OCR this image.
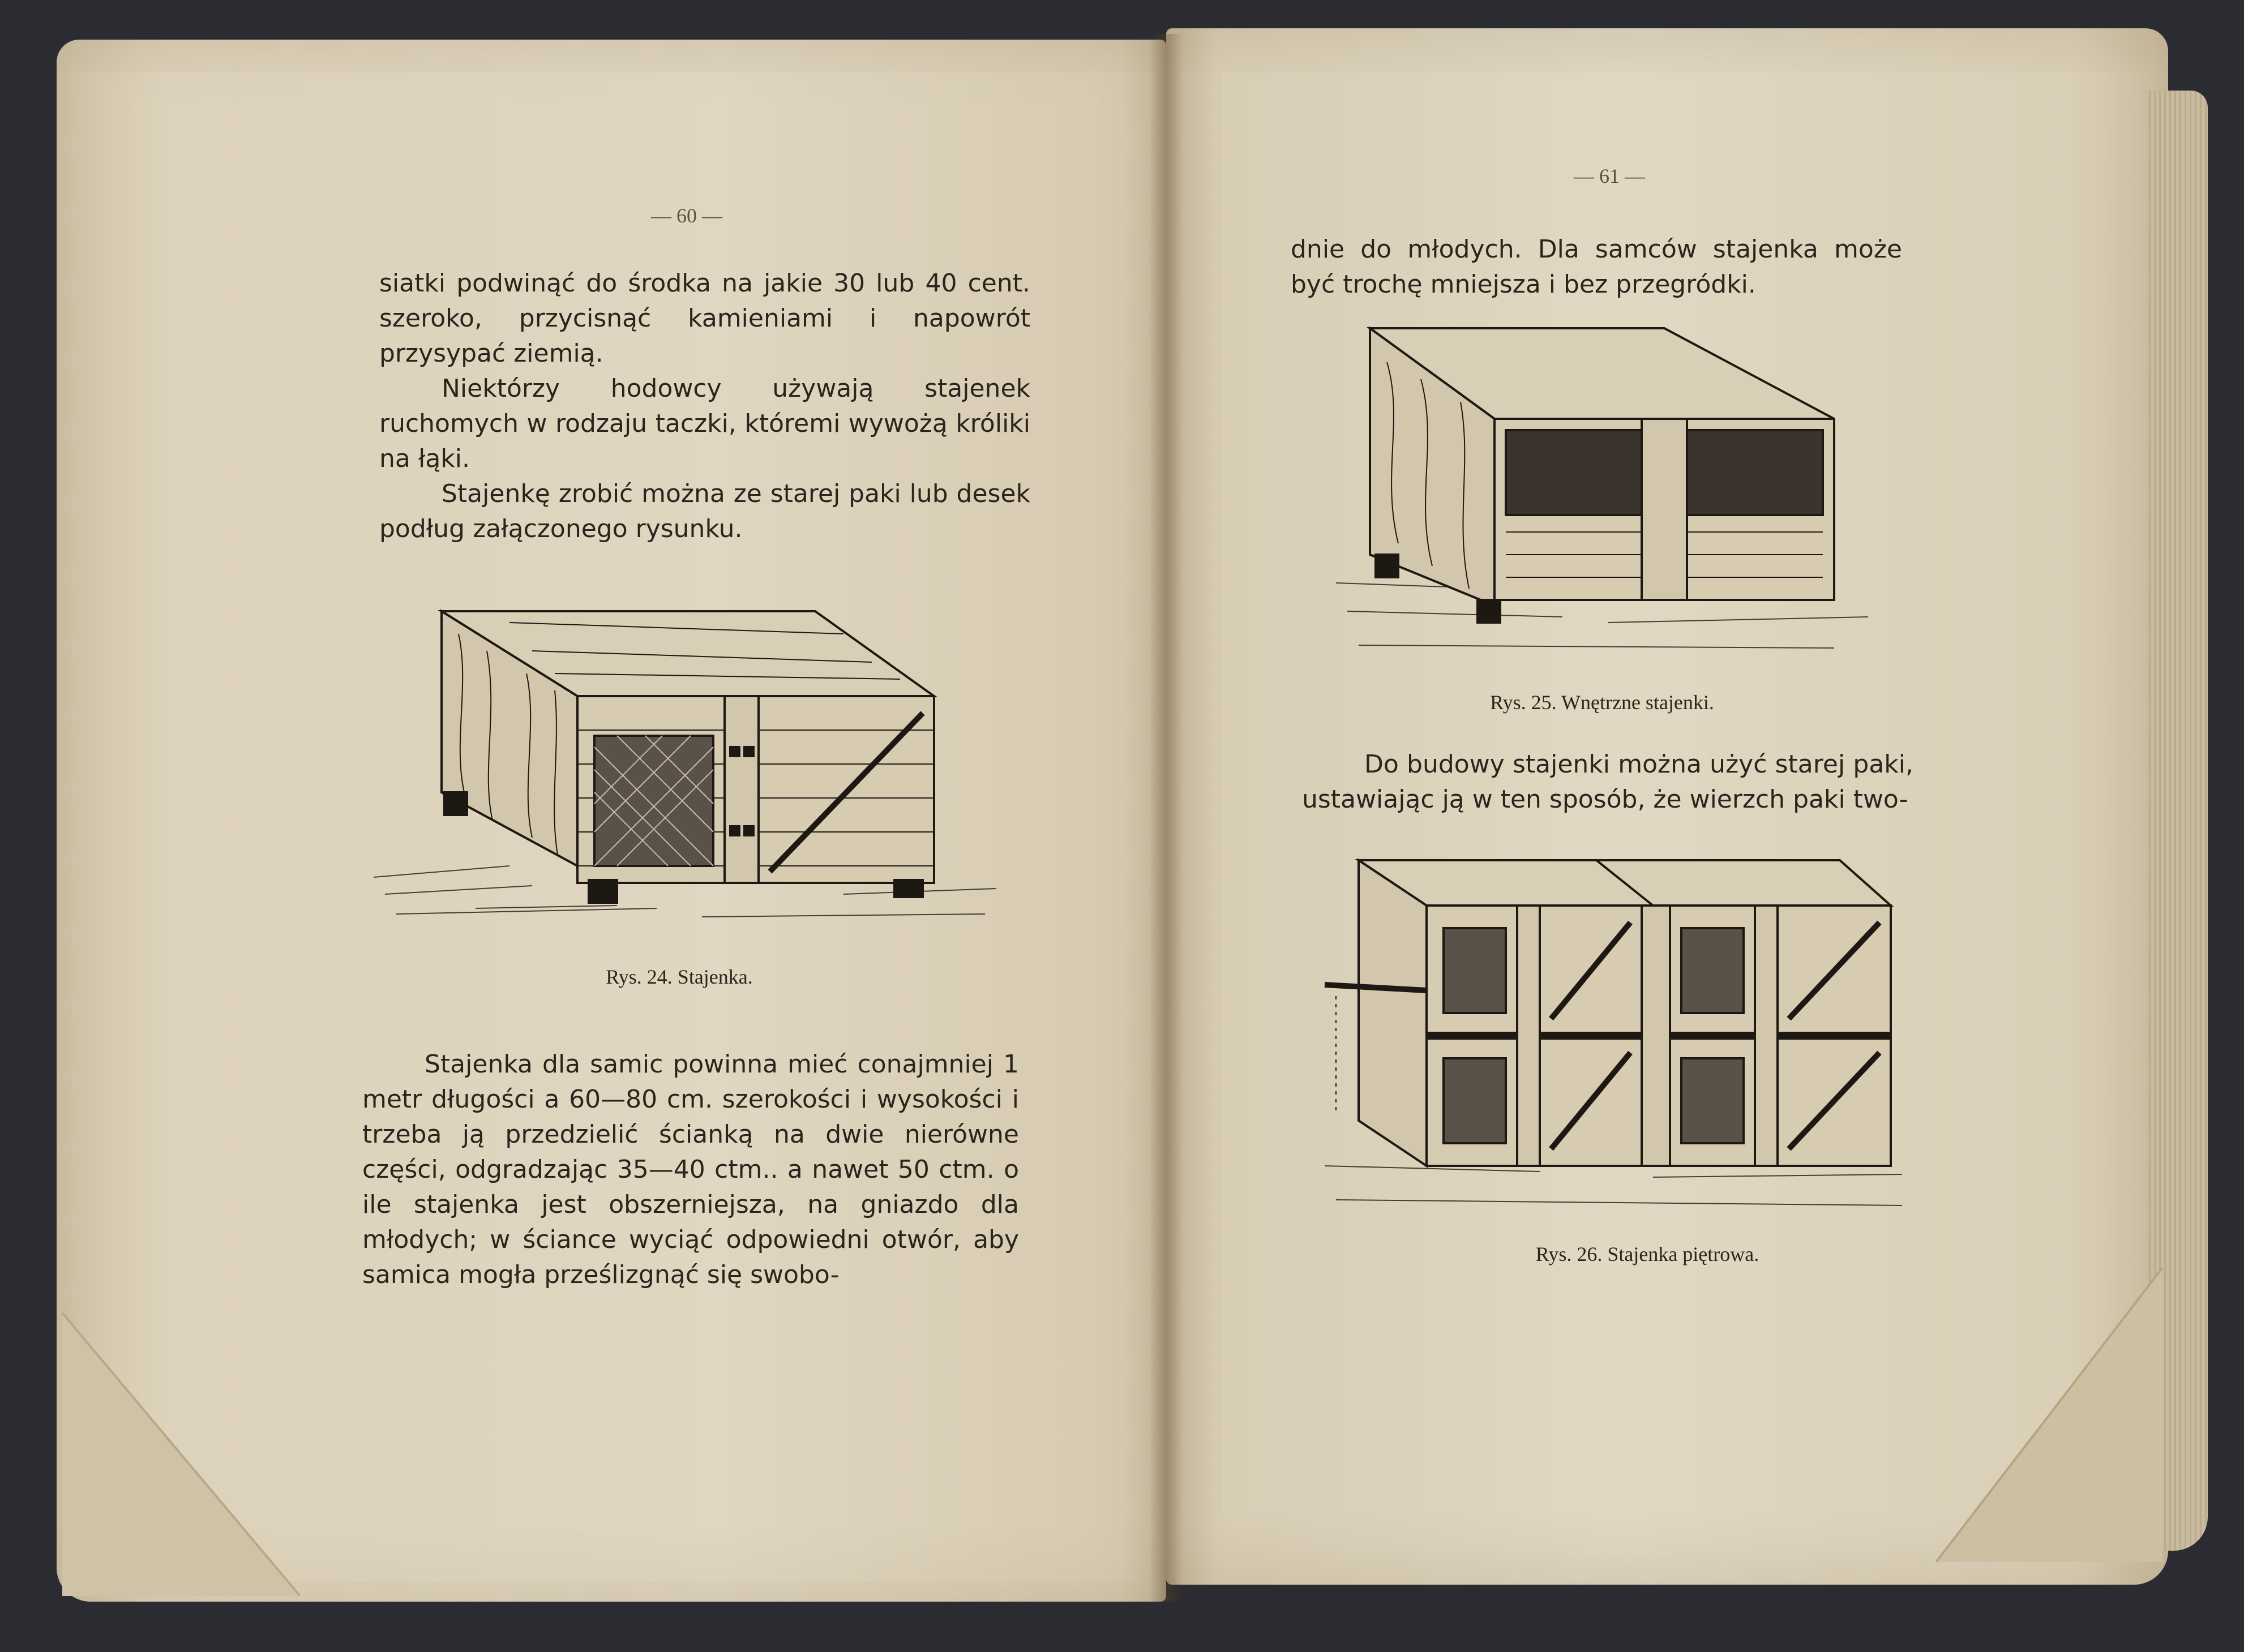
— 60 —

siatki podwinąć do środka na jakie 30 lub 40 cent. szeroko, przycisnąć kamieniami i napowrót przysypać ziemią.

Niektórzy hodowcy używają stajenek ruchomych w rodzaju taczki, któremi wywożą króliki na łąki.

Stajenkę zrobić można ze starej paki lub desek podług załączonego rysunku.

Rys. 24. Stajenka.

Stajenka dla samic powinna mieć conajmniej 1 metr długości a 60—80 cm. szerokości i wysokości i trzeba ją przedzielić ścianką na dwie nierówne części, odgradzając 35—40 ctm.. a nawet 50 ctm. o ile stajenka jest obszerniejsza, na gniazdo dla młodych; w ściance wyciąć odpowiedni otwór, aby samica mogła prześlizgnąć się swobo-

— 61 —

dnie do młodych. Dla samców stajenka może być trochę mniejsza i bez przegródki.

Rys. 25. Wnętrzne stajenki.

Do budowy stajenki można użyć starej paki, ustawiając ją w ten sposób, że wierzch paki two-

Rys. 26. Stajenka piętrowa.
